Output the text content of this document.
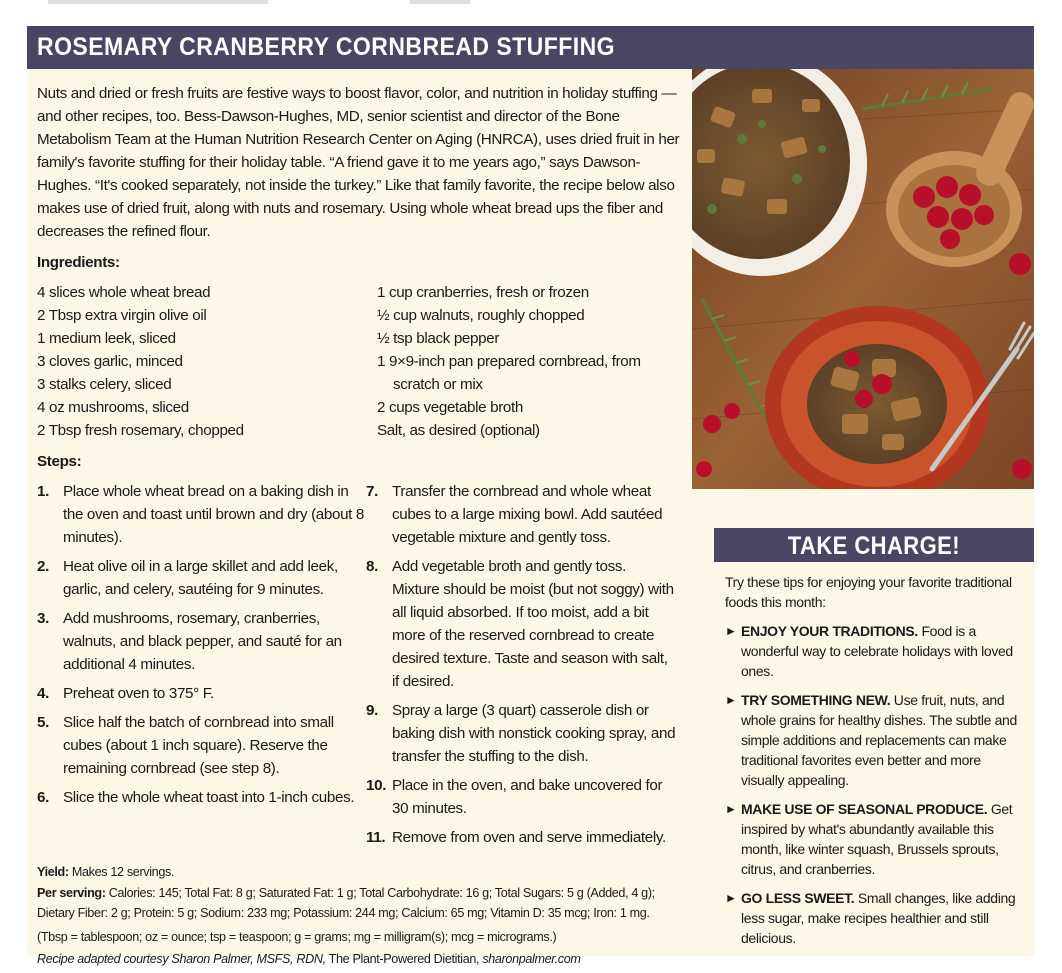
ROSEMARY CRANBERRY CORNBREAD STUFFING

Nuts and dried or fresh fruits are festive ways to boost flavor, color, and nutrition in holiday stuffing — and other recipes, too. Bess-Dawson-Hughes, MD, senior scientist and director of the Bone Metabolism Team at the Human Nutrition Research Center on Aging (HNRCA), uses dried fruit in her family's favorite stuffing for their holiday table. “A friend gave it to me years ago,” says Dawson-Hughes. “It's cooked separately, not inside the turkey.” Like that family favorite, the recipe below also makes use of dried fruit, along with nuts and rosemary. Using whole wheat bread ups the fiber and decreases the refined flour.

Ingredients:

4 slices whole wheat bread
2 Tbsp extra virgin olive oil
1 medium leek, sliced
3 cloves garlic, minced
3 stalks celery, sliced
4 oz mushrooms, sliced
2 Tbsp fresh rosemary, chopped
1 cup cranberries, fresh or frozen
½ cup walnuts, roughly chopped
½ tsp black pepper
1 9×9-inch pan prepared cornbread, from
scratch or mix
2 cups vegetable broth
Salt, as desired (optional)

Steps:

1. Place whole wheat bread on a baking dish in the oven and toast until brown and dry (about 8 minutes).
2. Heat olive oil in a large skillet and add leek, garlic, and celery, sautéing for 9 minutes.
3. Add mushrooms, rosemary, cranberries, walnuts, and black pepper, and sauté for an additional 4 minutes.
4. Preheat oven to 375° F.
5. Slice half the batch of cornbread into small cubes (about 1 inch square). Reserve the remaining cornbread (see step 8).
6. Slice the whole wheat toast into 1-inch cubes.
7. Transfer the cornbread and whole wheat cubes to a large mixing bowl. Add sautéed vegetable mixture and gently toss.
8. Add vegetable broth and gently toss. Mixture should be moist (but not soggy) with all liquid absorbed. If too moist, add a bit more of the reserved cornbread to create desired texture. Taste and season with salt, if desired.
9. Spray a large (3 quart) casserole dish or baking dish with nonstick cooking spray, and transfer the stuffing to the dish.
10. Place in the oven, and bake uncovered for 30 minutes.
11. Remove from oven and serve immediately.

Yield: Makes 12 servings.

Per serving: Calories: 145; Total Fat: 8 g; Saturated Fat: 1 g; Total Carbohydrate: 16 g; Total Sugars: 5 g (Added, 4 g); Dietary Fiber: 2 g; Protein: 5 g; Sodium: 233 mg; Potassium: 244 mg; Calcium: 65 mg; Vitamin D: 35 mcg; Iron: 1 mg.

(Tbsp = tablespoon; oz = ounce; tsp = teaspoon; g = grams; mg = milligram(s); mcg = micrograms.)

Recipe adapted courtesy Sharon Palmer, MSFS, RDN, The Plant-Powered Dietitian, sharonpalmer.com

TAKE CHARGE!

Try these tips for enjoying your favorite traditional foods this month:

► ENJOY YOUR TRADITIONS. Food is a wonderful way to celebrate holidays with loved ones.

► TRY SOMETHING NEW. Use fruit, nuts, and whole grains for healthy dishes. The subtle and simple additions and replacements can make traditional favorites even better and more visually appealing.

► MAKE USE OF SEASONAL PRODUCE. Get inspired by what's abundantly available this month, like winter squash, Brussels sprouts, citrus, and cranberries.

► GO LESS SWEET. Small changes, like adding less sugar, make recipes healthier and still delicious.
